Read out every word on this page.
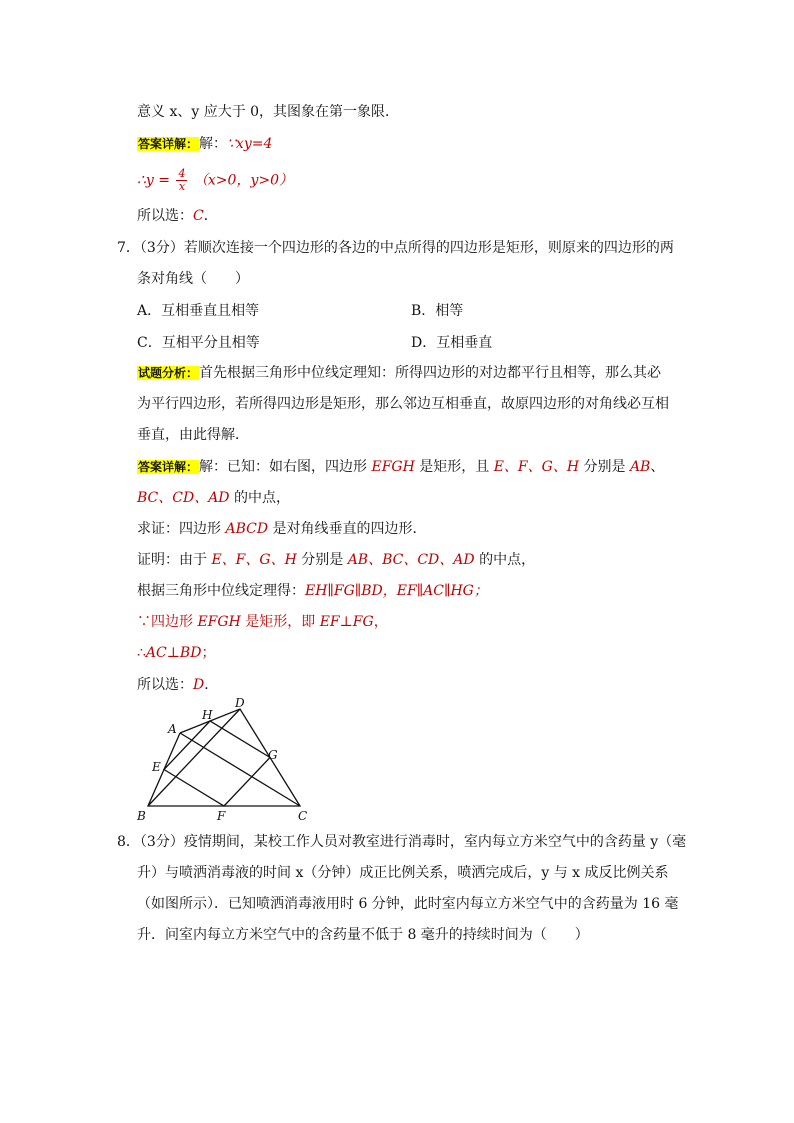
意义 x、y 应大于 0，其图象在第一象限．
答案详解：解：∵xy=4
∴y = $\frac{4}{x} (x>0$，y>0）
所以选：C．
7．（3分）若顺次连接一个四边形的各边的中点所得的四边形是矩形，则原来的四边形的两
条对角线（　　）
A．互相垂直且相等	B．相等
C．互相平分且相等	D．互相垂直
试题分析：首先根据三角形中位线定理知：所得四边形的对边都平行且相等，那么其必
为平行四边形，若所得四边形是矩形，那么邻边互相垂直，故原四边形的对角线必互相
垂直，由此得解．
答案详解：解：已知：如右图，四边形 EFGH 是矩形，且 E、F、G、H 分别是 AB、
BC、CD、AD 的中点，
求证：四边形 ABCD 是对角线垂直的四边形．
证明：由于 E、F、G、H 分别是 AB、BC、CD、AD 的中点，
根据三角形中位线定理得：EH∥FG∥BD，EF∥AC∥HG；
∵四边形 EFGH 是矩形，即 EF⊥FG，
∴AC⊥BD；
所以选：D．
A
H
D
E
G
B	F	C
8．（3分）疫情期间，某校工作人员对教室进行消毒时，室内每立方米空气中的含药量 y（毫
升）与喷洒消毒液的时间 x（分钟）成正比例关系，喷洒完成后，y 与 x 成反比例关系
（如图所示）．已知喷洒消毒液用时 6 分钟，此时室内每立方米空气中的含药量为 16 毫
升．问室内每立方米空气中的含药量不低于 8 毫升的持续时间为（　　）
